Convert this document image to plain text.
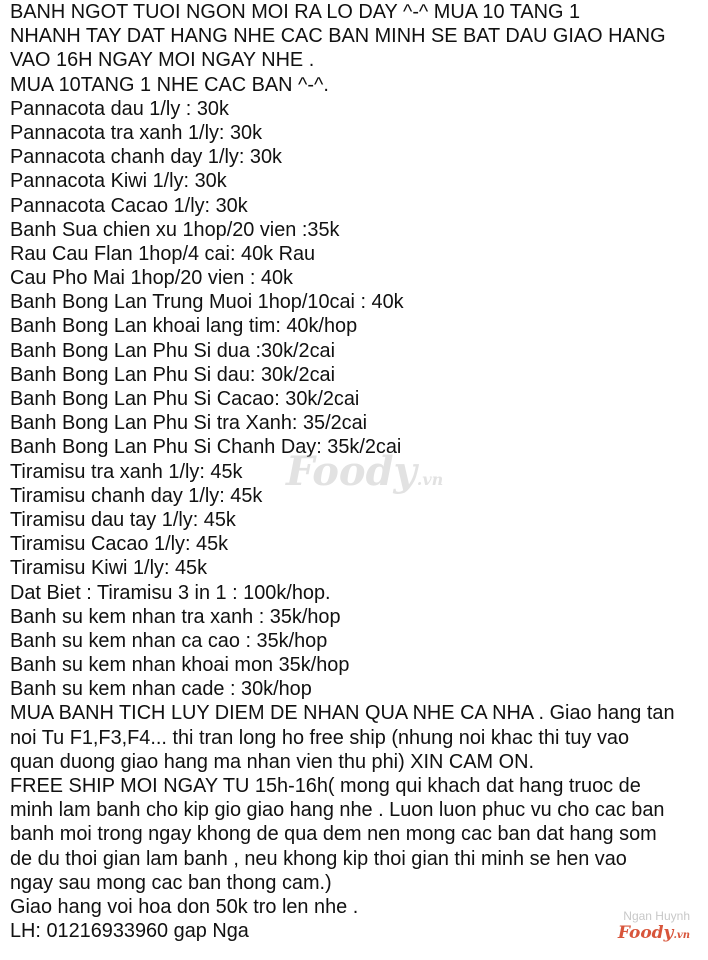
BANH NGOT TUOI NGON MOI RA LO DAY ^-^ MUA 10 TANG 1
NHANH TAY DAT HANG NHE CAC BAN MINH SE BAT DAU GIAO HANG
VAO 16H NGAY MOI NGAY NHE .
MUA 10TANG 1 NHE CAC BAN ^-^.
Pannacota dau 1/ly : 30k
Pannacota tra xanh 1/ly: 30k
Pannacota chanh day 1/ly: 30k
Pannacota Kiwi 1/ly: 30k
Pannacota Cacao 1/ly: 30k
Banh Sua chien xu 1hop/20 vien :35k
Rau Cau Flan 1hop/4 cai: 40k Rau
Cau Pho Mai 1hop/20 vien : 40k
Banh Bong Lan Trung Muoi 1hop/10cai : 40k
Banh Bong Lan khoai lang tim: 40k/hop
Banh Bong Lan Phu Si dua :30k/2cai
Banh Bong Lan Phu Si dau: 30k/2cai
Banh Bong Lan Phu Si Cacao: 30k/2cai
Banh Bong Lan Phu Si tra Xanh: 35/2cai
Banh Bong Lan Phu Si Chanh Day: 35k/2cai
Tiramisu tra xanh 1/ly: 45k
Tiramisu chanh day 1/ly: 45k
Tiramisu dau tay 1/ly: 45k
Tiramisu Cacao 1/ly: 45k
Tiramisu Kiwi 1/ly: 45k
Dat Biet : Tiramisu 3 in 1 : 100k/hop.
Banh su kem nhan tra xanh : 35k/hop
Banh su kem nhan ca cao : 35k/hop
Banh su kem nhan khoai mon 35k/hop
Banh su kem nhan cade : 30k/hop
MUA BANH TICH LUY DIEM DE NHAN QUA NHE CA NHA . Giao hang tan
noi Tu F1,F3,F4... thi tran long ho free ship (nhung noi khac thi tuy vao
quan duong giao hang ma nhan vien thu phi) XIN CAM ON.
FREE SHIP MOI NGAY TU 15h-16h( mong qui khach dat hang truoc de
minh lam banh cho kip gio giao hang nhe . Luon luon phuc vu cho cac ban
banh moi trong ngay khong de qua dem nen mong cac ban dat hang som
de du thoi gian lam banh , neu khong kip thoi gian thi minh se hen vao
ngay sau mong cac ban thong cam.)
Giao hang voi hoa don 50k tro len nhe .
LH: 01216933960 gap Nga
Foody.vn
Ngan Huynh
Foody.vn
